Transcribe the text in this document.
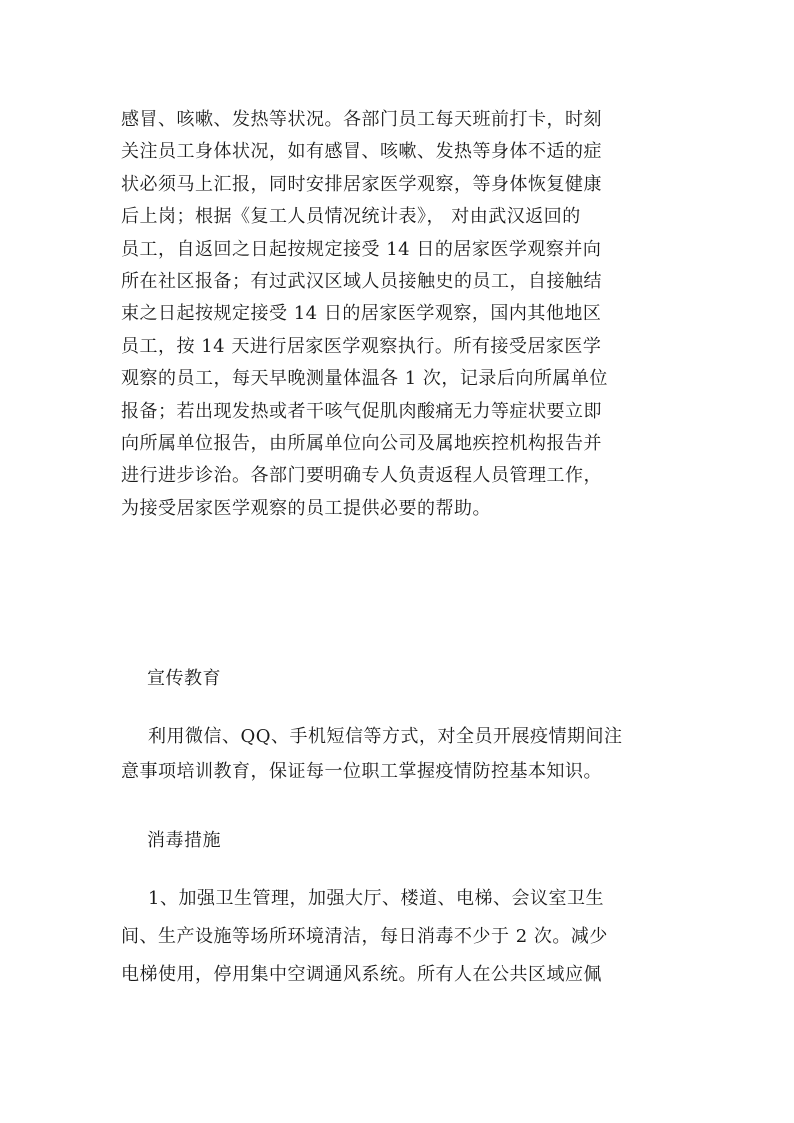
感冒、咳嗽、发热等状况。各部门员工每天班前打卡，时刻
关注员工身体状况，如有感冒、咳嗽、发热等身体不适的症
状必须马上汇报，同时安排居家医学观察，等身体恢复健康
后上岗；根据《复工人员情况统计表》， 对由武汉返回的
员工，自返回之日起按规定接受 14 日的居家医学观察并向
所在社区报备；有过武汉区域人员接触史的员工，自接触结
束之日起按规定接受 14 日的居家医学观察，国内其他地区
员工，按 14 天进行居家医学观察执行。所有接受居家医学
观察的员工，每天早晚测量体温各 1 次，记录后向所属单位
报备；若出现发热或者干咳气促肌肉酸痛无力等症状要立即
向所属单位报告，由所属单位向公司及属地疾控机构报告并
进行进步诊治。各部门要明确专人负责返程人员管理工作，
为接受居家医学观察的员工提供必要的帮助。
宣传教育
利用微信、QQ、手机短信等方式，对全员开展疫情期间注
意事项培训教育，保证每一位职工掌握疫情防控基本知识。
消毒措施
1、加强卫生管理，加强大厅、楼道、电梯、会议室卫生
间、生产设施等场所环境清洁，每日消毒不少于 2 次。减少
电梯使用，停用集中空调通风系统。所有人在公共区域应佩
